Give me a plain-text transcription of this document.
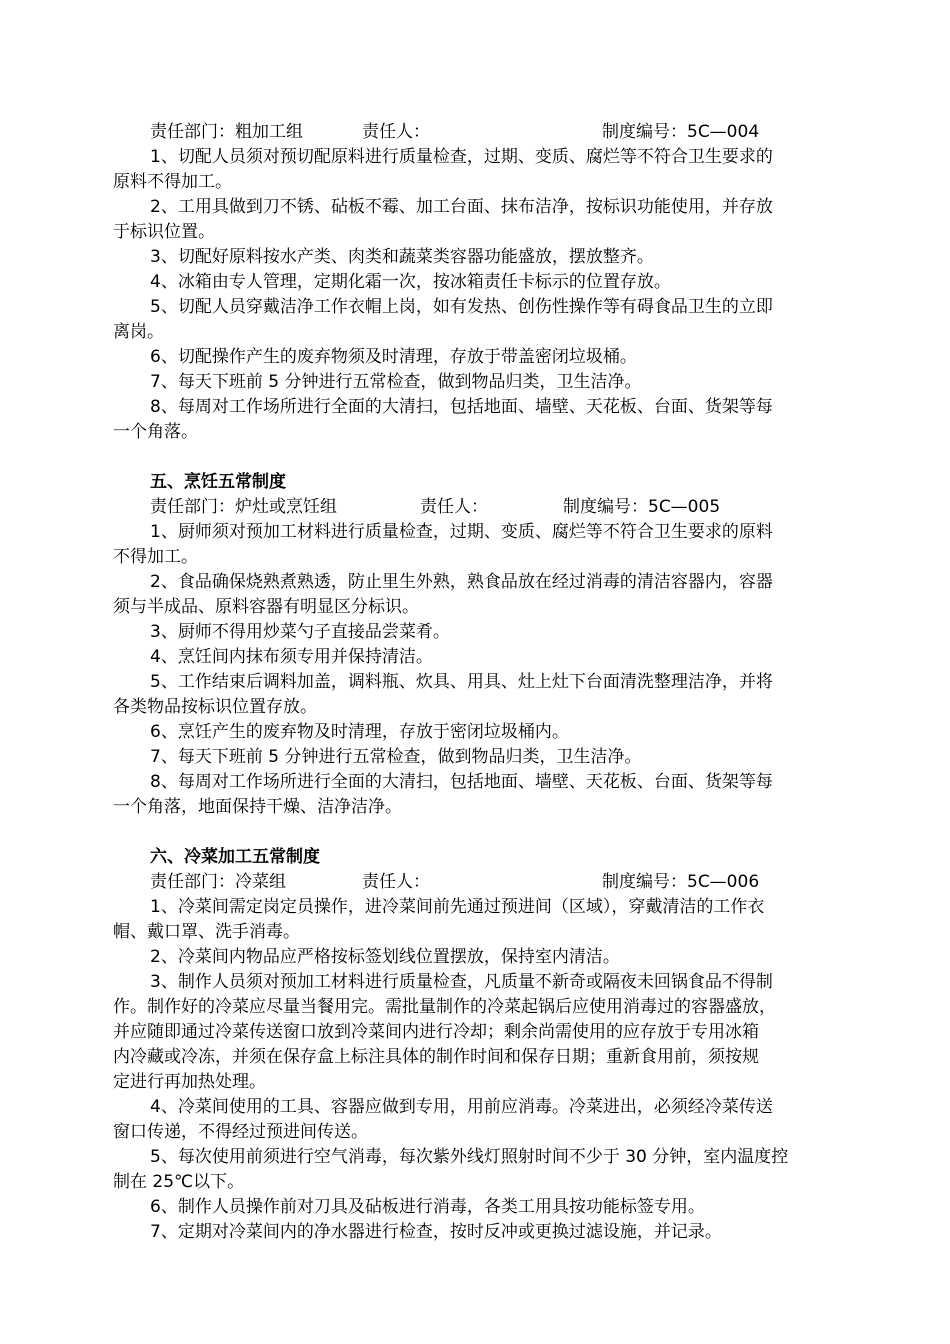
责任部门：粗加工组	责任人：	制度编号：5C—004
1、切配人员须对预切配原料进行质量检查，过期、变质、腐烂等不符合卫生要求的
原料不得加工。
2、工用具做到刀不锈、砧板不霉、加工台面、抹布洁净，按标识功能使用，并存放
于标识位置。
3、切配好原料按水产类、肉类和蔬菜类容器功能盛放，摆放整齐。
4、冰箱由专人管理，定期化霜一次，按冰箱责任卡标示的位置存放。
5、切配人员穿戴洁净工作衣帽上岗，如有发热、创伤性操作等有碍食品卫生的立即
离岗。
6、切配操作产生的废弃物须及时清理，存放于带盖密闭垃圾桶。
7、每天下班前 5 分钟进行五常检查，做到物品归类，卫生洁净。
8、每周对工作场所进行全面的大清扫，包括地面、墙壁、天花板、台面、货架等每
一个角落。
五、烹饪五常制度
责任部门：炉灶或烹饪组	责任人：	制度编号：5C—005
1、厨师须对预加工材料进行质量检查，过期、变质、腐烂等不符合卫生要求的原料
不得加工。
2、食品确保烧熟煮熟透，防止里生外熟，熟食品放在经过消毒的清洁容器内，容器
须与半成品、原料容器有明显区分标识。
3、厨师不得用炒菜勺子直接品尝菜肴。
4、烹饪间内抹布须专用并保持清洁。
5、工作结束后调料加盖，调料瓶、炊具、用具、灶上灶下台面清洗整理洁净，并将
各类物品按标识位置存放。
6、烹饪产生的废弃物及时清理，存放于密闭垃圾桶内。
7、每天下班前 5 分钟进行五常检查，做到物品归类，卫生洁净。
8、每周对工作场所进行全面的大清扫，包括地面、墙壁、天花板、台面、货架等每
一个角落，地面保持干燥、洁净洁净。
六、冷菜加工五常制度
责任部门：冷菜组	责任人：	制度编号：5C—006
1、冷菜间需定岗定员操作，进冷菜间前先通过预进间（区域），穿戴清洁的工作衣
帽、戴口罩、洗手消毒。
2、冷菜间内物品应严格按标签划线位置摆放，保持室内清洁。
3、制作人员须对预加工材料进行质量检查，凡质量不新奇或隔夜未回锅食品不得制
作。制作好的冷菜应尽量当餐用完。需批量制作的冷菜起锅后应使用消毒过的容器盛放，
并应随即通过冷菜传送窗口放到冷菜间内进行冷却；剩余尚需使用的应存放于专用冰箱
内冷藏或冷冻，并须在保存盒上标注具体的制作时间和保存日期；重新食用前，须按规
定进行再加热处理。
4、冷菜间使用的工具、容器应做到专用，用前应消毒。冷菜进出，必须经冷菜传送
窗口传递，不得经过预进间传送。
5、每次使用前须进行空气消毒，每次紫外线灯照射时间不少于 30 分钟，室内温度控
制在 25℃以下。
6、制作人员操作前对刀具及砧板进行消毒，各类工用具按功能标签专用。
7、定期对冷菜间内的净水器进行检查，按时反冲或更换过滤设施，并记录。
